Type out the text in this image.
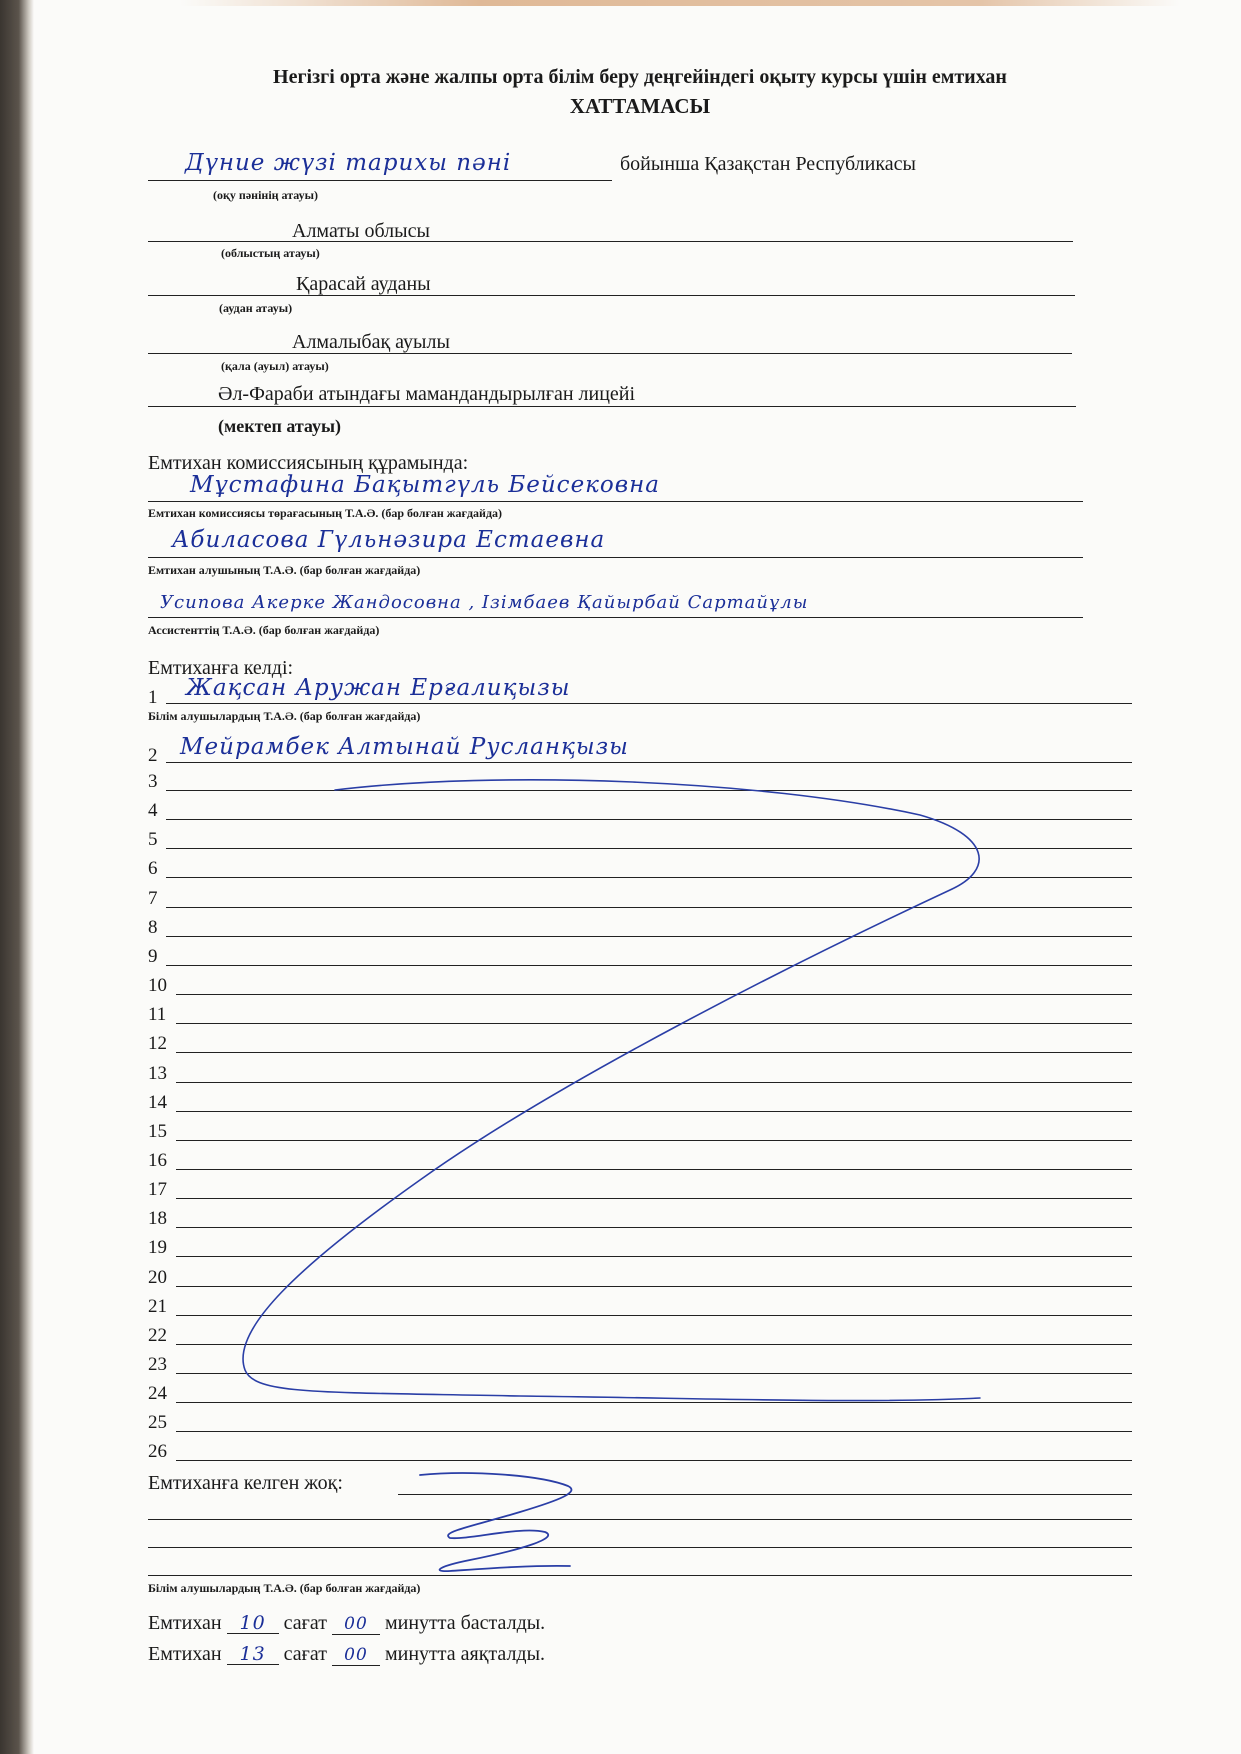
Негізгі орта және жалпы орта білім беру деңгейіндегі оқыту курсы үшін емтихан
ХАТТАМАСЫ
Дүние жүзі тарихы пәні	бойынша Қазақстан Республикасы
(оқу пәнінің атауы)
Алматы облысы
(облыстың атауы)
Қарасай ауданы
(аудан атауы)
Алмалыбақ ауылы
(қала (ауыл) атауы)
Әл-Фараби атындағы мамандандырылған лицейі
(мектеп атауы)
Емтихан комиссиясының құрамында:
Мұстафина Бақытгүль Бейсековна
Емтихан комиссиясы төрағасының Т.А.Ә. (бар болған жағдайда)
Абиласова Гүльнәзира Естаевна
Емтихан алушының Т.А.Ә. (бар болған жағдайда)
Усипова Акерке Жандосовна , Ізімбаев Қайырбай Сартайұлы
Ассистенттің Т.А.Ә. (бар болған жағдайда)
Емтиханға келді:
1 Жақсан Аружан Ерғалиқызы
Білім алушылардың Т.А.Ә. (бар болған жағдайда)
2 Мейрамбек Алтынай Русланқызы
3
4
5
6
7
8
9
10
11
12
13
14
15
16
17
18
19
20
21
22
23
24
25
26
Емтиханға келген жоқ:
Білім алушылардың Т.А.Ә. (бар болған жағдайда)
Емтихан 10 сағат 00 минутта басталды.
Емтихан 13 сағат 00 минутта аяқталды.
